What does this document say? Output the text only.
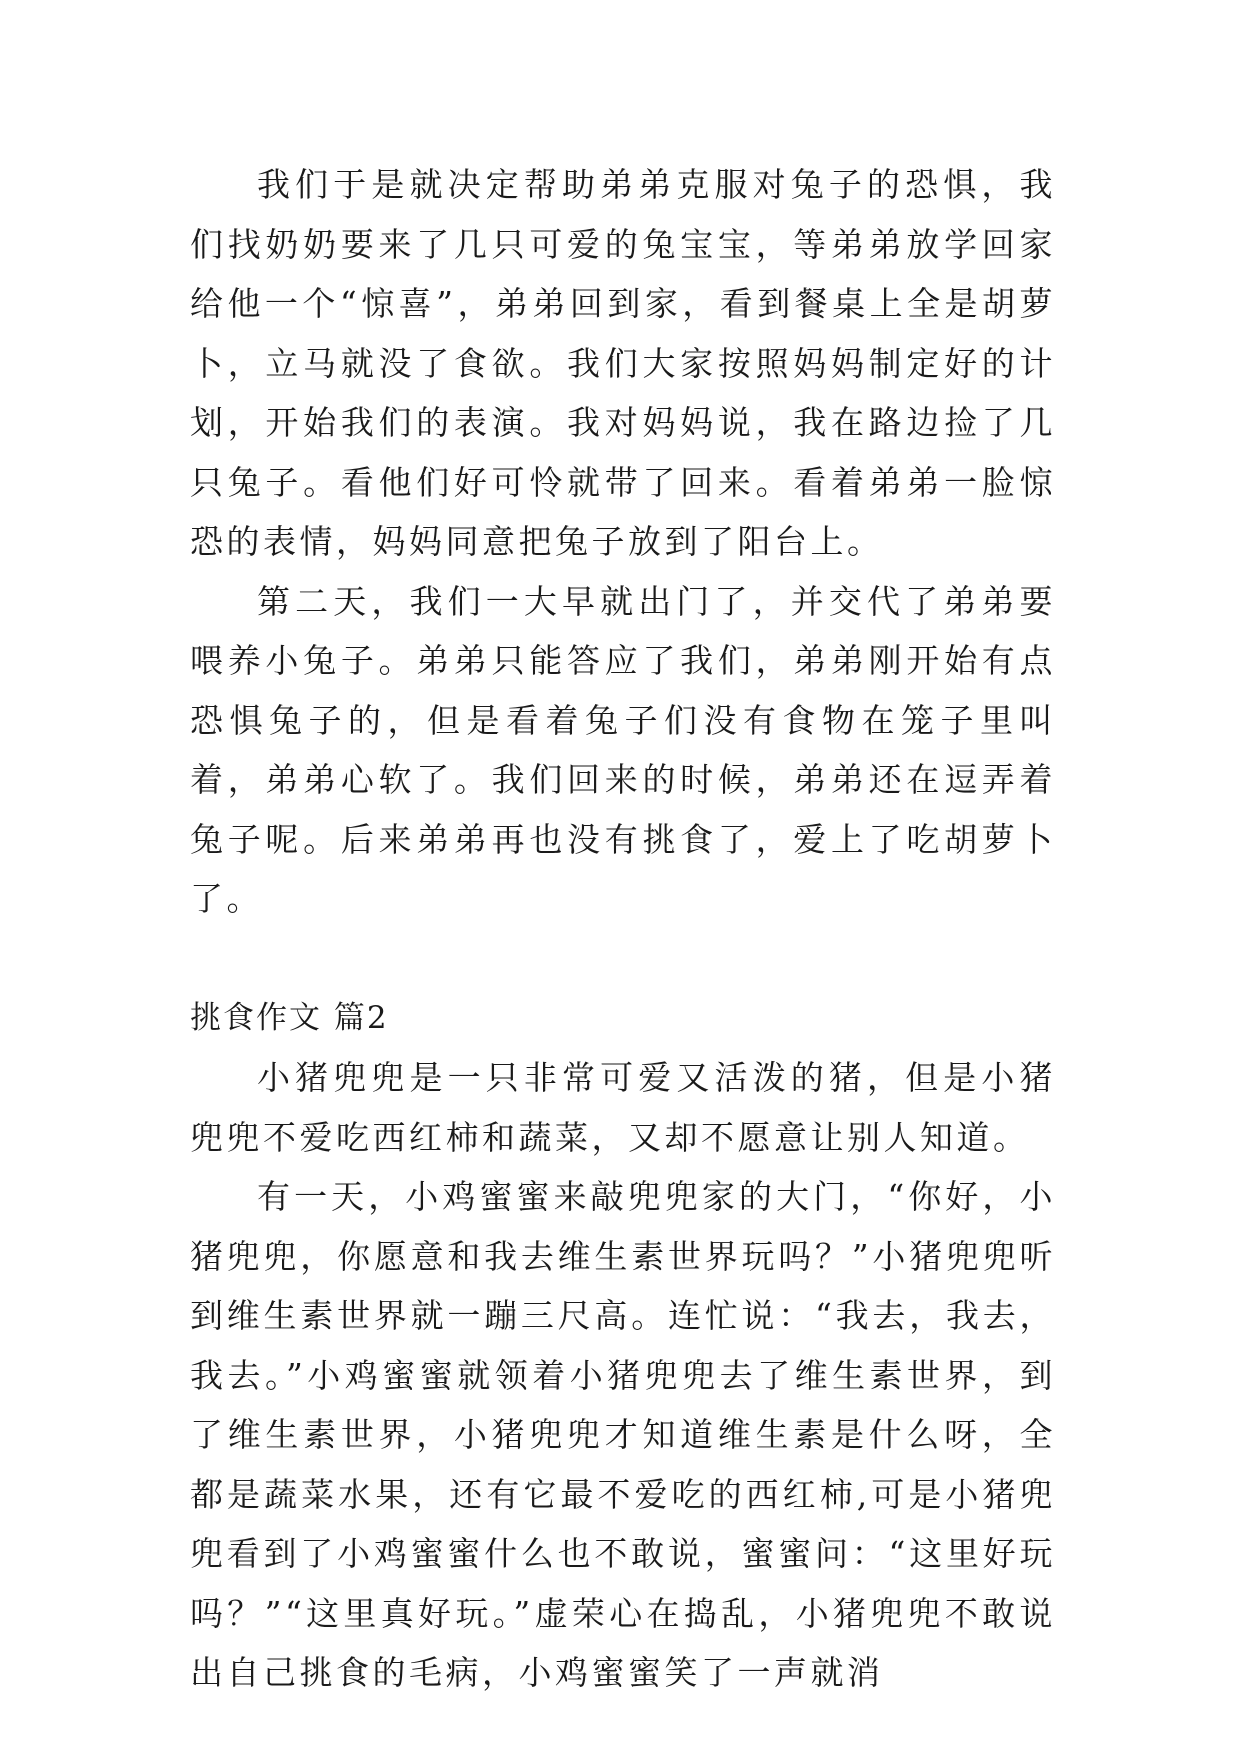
我们于是就决定帮助弟弟克服对兔子的恐惧，我们找奶奶要来了几只可爱的兔宝宝，等弟弟放学回家给他一个“惊喜”，弟弟回到家，看到餐桌上全是胡萝卜，立马就没了食欲。我们大家按照妈妈制定好的计划，开始我们的表演。我对妈妈说，我在路边捡了几只兔子。看他们好可怜就带了回来。看着弟弟一脸惊恐的表情，妈妈同意把兔子放到了阳台上。

第二天，我们一大早就出门了，并交代了弟弟要喂养小兔子。弟弟只能答应了我们，弟弟刚开始有点恐惧兔子的，但是看着兔子们没有食物在笼子里叫着，弟弟心软了。我们回来的时候，弟弟还在逗弄着兔子呢。后来弟弟再也没有挑食了，爱上了吃胡萝卜了。

挑食作文 篇2

小猪兜兜是一只非常可爱又活泼的猪，但是小猪兜兜不爱吃西红柿和蔬菜，又却不愿意让别人知道。

有一天，小鸡蜜蜜来敲兜兜家的大门，“你好，小猪兜兜，你愿意和我去维生素世界玩吗？”小猪兜兜听到维生素世界就一蹦三尺高。连忙说：“我去，我去，我去。”小鸡蜜蜜就领着小猪兜兜去了维生素世界，到了维生素世界，小猪兜兜才知道维生素是什么呀，全都是蔬菜水果，还有它最不爱吃的西红柿,可是小猪兜兜看到了小鸡蜜蜜什么也不敢说，蜜蜜问：“这里好玩吗？”“这里真好玩。”虚荣心在捣乱，小猪兜兜不敢说出自己挑食的毛病，小鸡蜜蜜笑了一声就消
